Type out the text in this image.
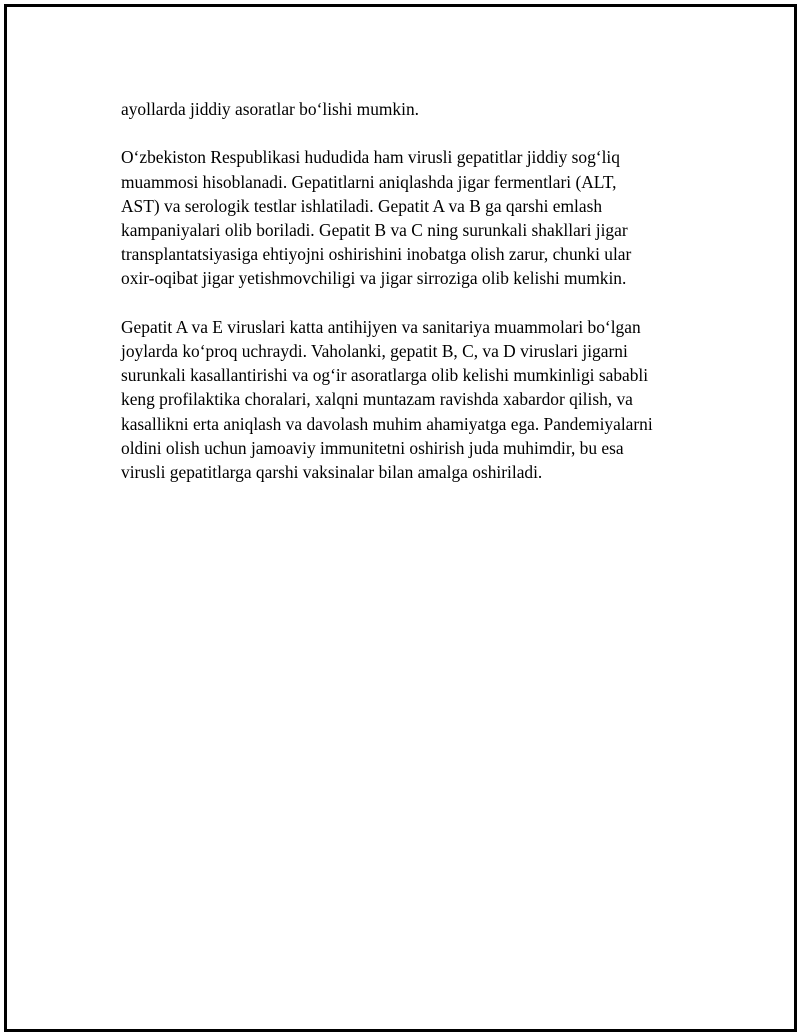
ayollarda jiddiy asoratlar bo‘lishi mumkin.

O‘zbekiston Respublikasi hududida ham virusli gepatitlar jiddiy sog‘liq
muammosi hisoblanadi. Gepatitlarni aniqlashda jigar fermentlari (ALT,
AST) va serologik testlar ishlatiladi. Gepatit A va B ga qarshi emlash
kampaniyalari olib boriladi. Gepatit B va C ning surunkali shakllari jigar
transplantatsiyasiga ehtiyojni oshirishini inobatga olish zarur, chunki ular
oxir-oqibat jigar yetishmovchiligi va jigar sirroziga olib kelishi mumkin.

Gepatit A va E viruslari katta antihijyen va sanitariya muammolari bo‘lgan
joylarda ko‘proq uchraydi. Vaholanki, gepatit B, C, va D viruslari jigarni
surunkali kasallantirishi va og‘ir asoratlarga olib kelishi mumkinligi sababli
keng profilaktika choralari, xalqni muntazam ravishda xabardor qilish, va
kasallikni erta aniqlash va davolash muhim ahamiyatga ega. Pandemiyalarni
oldini olish uchun jamoaviy immunitetni oshirish juda muhimdir, bu esa
virusli gepatitlarga qarshi vaksinalar bilan amalga oshiriladi.
